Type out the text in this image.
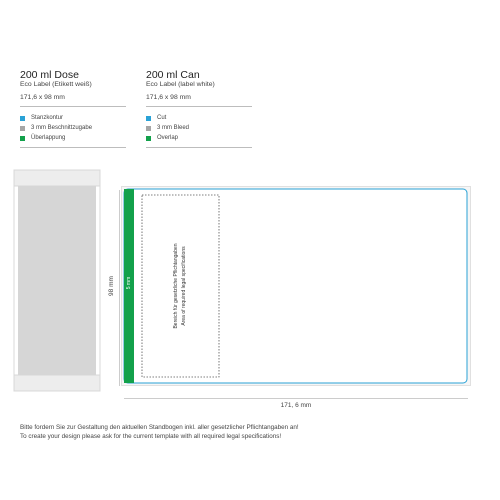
200 ml Dose
Eco Label (Etikett weiß)
171,6 x 98 mm
Stanzkontur
3 mm Beschnittzugabe
Überlappung
200 ml Can
Eco Label (label white)
171,6 x 98 mm
Cut
3 mm Bleed
Overlap
98 mm	5 mm	Bereich für gesetzliche Pflichtangaben Area of required legal specifications
171, 6 mm
Bitte fordern Sie zur Gestaltung den aktuellen Standbogen inkl. aller gesetzlicher Pflichtangaben an!
To create your design please ask for the current template with all required legal specifications!
